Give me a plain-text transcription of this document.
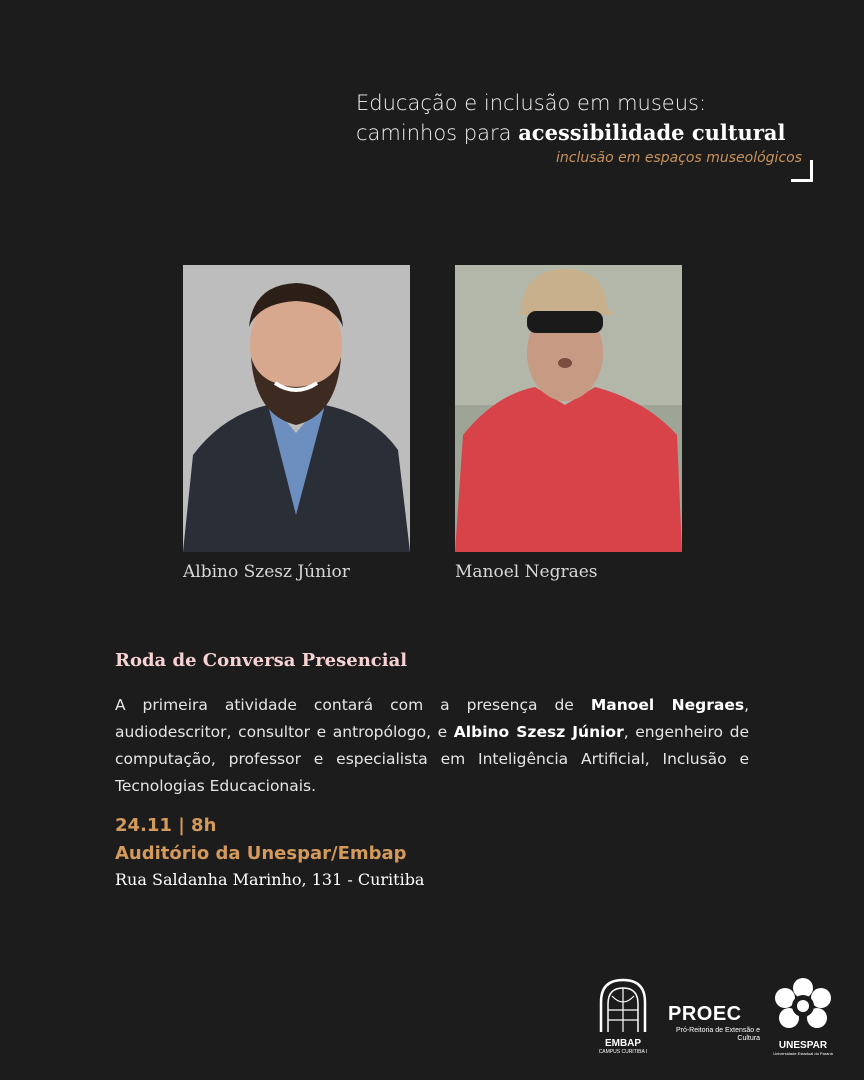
Educação e inclusão em museus:
caminhos para acessibilidade cultural
inclusão em espaços museológicos
Albino Szesz Júnior	Manoel Negraes
Roda de Conversa Presencial
A primeira atividade contará com a presença de Manoel Negraes, audiodescritor, consultor e antropólogo, e Albino Szesz Júnior, engenheiro de computação, professor e especialista em Inteligência Artificial, Inclusão e Tecnologias Educacionais.
24.11 | 8h
Auditório da Unespar/Embap
Rua Saldanha Marinho, 131 - Curitiba
EMBAP
CAMPUS CURITIBA I
PROEC
Pró-Reitoria de Extensão e Cultura
UNESPAR
Universidade Estadual do Paraná
